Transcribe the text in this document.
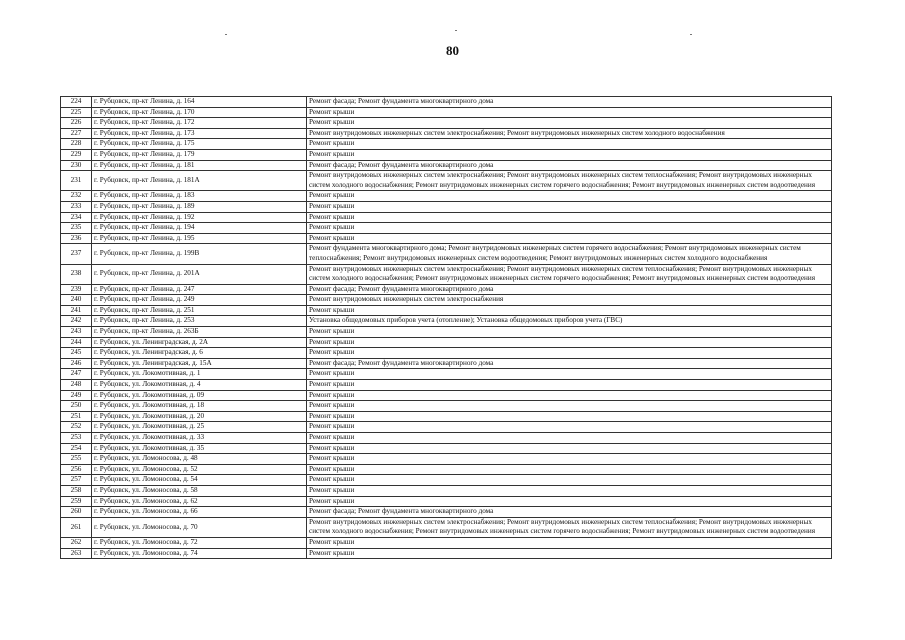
80
224	г. Рубцовск, пр-кт Ленина, д. 164	Ремонт фасада; Ремонт фундамента многоквартирного дома
225	г. Рубцовск, пр-кт Ленина, д. 170	Ремонт крыши
226	г. Рубцовск, пр-кт Ленина, д. 172	Ремонт крыши
227	г. Рубцовск, пр-кт Ленина, д. 173	Ремонт внутридомовых инженерных систем электроснабжения; Ремонт внутридомовых инженерных систем холодного водоснабжения
228	г. Рубцовск, пр-кт Ленина, д. 175	Ремонт крыши
229	г. Рубцовск, пр-кт Ленина, д. 179	Ремонт крыши
230	г. Рубцовск, пр-кт Ленина, д. 181	Ремонт фасада; Ремонт фундамента многоквартирного дома
231	г. Рубцовск, пр-кт Ленина, д. 181А	Ремонт внутридомовых инженерных систем электроснабжения; Ремонт внутридомовых инженерных систем теплоснабжения; Ремонт внутридомовых инженерных систем холодного водоснабжения; Ремонт внутридомовых инженерных систем горячего водоснабжения; Ремонт внутридомовых инженерных систем водоотведения
232	г. Рубцовск, пр-кт Ленина, д. 183	Ремонт крыши
233	г. Рубцовск, пр-кт Ленина, д. 189	Ремонт крыши
234	г. Рубцовск, пр-кт Ленина, д. 192	Ремонт крыши
235	г. Рубцовск, пр-кт Ленина, д. 194	Ремонт крыши
236	г. Рубцовск, пр-кт Ленина, д. 195	Ремонт крыши
237	г. Рубцовск, пр-кт Ленина, д. 199В	Ремонт фундамента многоквартирного дома; Ремонт внутридомовых инженерных систем горячего водоснабжения; Ремонт внутридомовых инженерных систем теплоснабжения; Ремонт внутридомовых инженерных систем водоотведения; Ремонт внутридомовых инженерных систем холодного водоснабжения
238	г. Рубцовск, пр-кт Ленина, д. 201А	Ремонт внутридомовых инженерных систем электроснабжения; Ремонт внутридомовых инженерных систем теплоснабжения; Ремонт внутридомовых инженерных систем холодного водоснабжения; Ремонт внутридомовых инженерных систем горячего водоснабжения; Ремонт внутридомовых инженерных систем водоотведения
239	г. Рубцовск, пр-кт Ленина, д. 247	Ремонт фасада; Ремонт фундамента многоквартирного дома
240	г. Рубцовск, пр-кт Ленина, д. 249	Ремонт внутридомовых инженерных систем электроснабжения
241	г. Рубцовск, пр-кт Ленина, д. 251	Ремонт крыши
242	г. Рубцовск, пр-кт Ленина, д. 253	Установка общедомовых приборов учета (отопление); Установка общедомовых приборов учета (ГВС)
243	г. Рубцовск, пр-кт Ленина, д. 263Б	Ремонт крыши
244	г. Рубцовск, ул. Ленинградская, д. 2А	Ремонт крыши
245	г. Рубцовск, ул. Ленинградская, д. 6	Ремонт крыши
246	г. Рубцовск, ул. Ленинградская, д. 15А	Ремонт фасада; Ремонт фундамента многоквартирного дома
247	г. Рубцовск, ул. Локомотивная, д. 1	Ремонт крыши
248	г. Рубцовск, ул. Локомотивная, д. 4	Ремонт крыши
249	г. Рубцовск, ул. Локомотивная, д. 09	Ремонт крыши
250	г. Рубцовск, ул. Локомотивная, д. 18	Ремонт крыши
251	г. Рубцовск, ул. Локомотивная, д. 20	Ремонт крыши
252	г. Рубцовск, ул. Локомотивная, д. 25	Ремонт крыши
253	г. Рубцовск, ул. Локомотивная, д. 33	Ремонт крыши
254	г. Рубцовск, ул. Локомотивная, д. 35	Ремонт крыши
255	г. Рубцовск, ул. Ломоносова, д. 48	Ремонт крыши
256	г. Рубцовск, ул. Ломоносова, д. 52	Ремонт крыши
257	г. Рубцовск, ул. Ломоносова, д. 54	Ремонт крыши
258	г. Рубцовск, ул. Ломоносова, д. 58	Ремонт крыши
259	г. Рубцовск, ул. Ломоносова, д. 62	Ремонт крыши
260	г. Рубцовск, ул. Ломоносова, д. 66	Ремонт фасада; Ремонт фундамента многоквартирного дома
261	г. Рубцовск, ул. Ломоносова, д. 70	Ремонт внутридомовых инженерных систем электроснабжения; Ремонт внутридомовых инженерных систем теплоснабжения; Ремонт внутридомовых инженерных систем холодного водоснабжения; Ремонт внутридомовых инженерных систем горячего водоснабжения; Ремонт внутридомовых инженерных систем водоотведения
262	г. Рубцовск, ул. Ломоносова, д. 72	Ремонт крыши
263	г. Рубцовск, ул. Ломоносова, д. 74	Ремонт крыши
